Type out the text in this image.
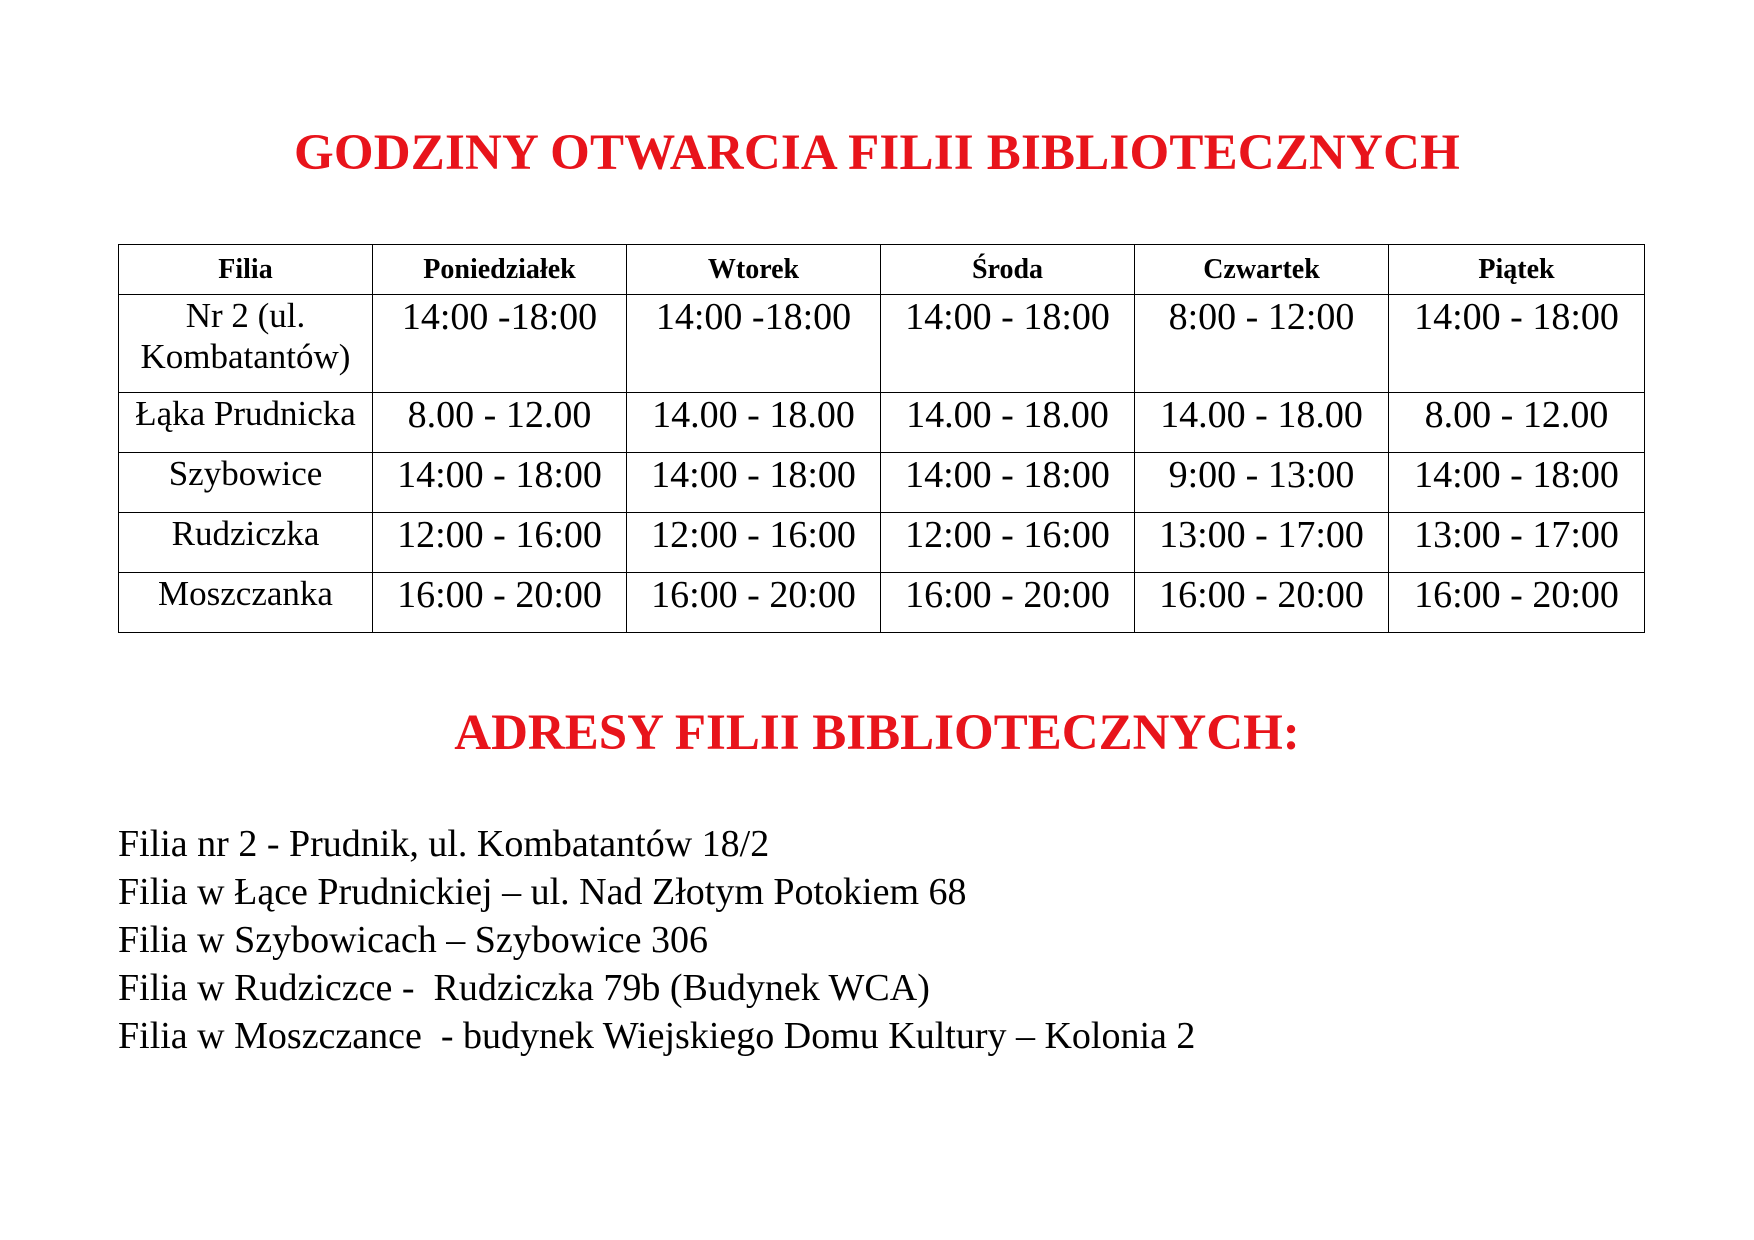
GODZINY OTWARCIA FILII BIBLIOTECZNYCH
Filia	Poniedziałek	Wtorek	Środa	Czwartek	Piątek
Nr 2 (ul.
Kombatantów)	14:00 -18:00	14:00 -18:00	14:00 - 18:00	8:00 - 12:00	14:00 - 18:00
Łąka Prudnicka	8.00 - 12.00	14.00 - 18.00	14.00 - 18.00	14.00 - 18.00	8.00 - 12.00
Szybowice	14:00 - 18:00	14:00 - 18:00	14:00 - 18:00	9:00 - 13:00	14:00 - 18:00
Rudziczka	12:00 - 16:00	12:00 - 16:00	12:00 - 16:00	13:00 - 17:00	13:00 - 17:00
Moszczanka	16:00 - 20:00	16:00 - 20:00	16:00 - 20:00	16:00 - 20:00	16:00 - 20:00
ADRESY FILII BIBLIOTECZNYCH:
Filia nr 2 - Prudnik, ul. Kombatantów 18/2
Filia w Łące Prudnickiej – ul. Nad Złotym Potokiem 68
Filia w Szybowicach – Szybowice 306
Filia w Rudziczce -  Rudziczka 79b (Budynek WCA)
Filia w Moszczance  - budynek Wiejskiego Domu Kultury – Kolonia 2
